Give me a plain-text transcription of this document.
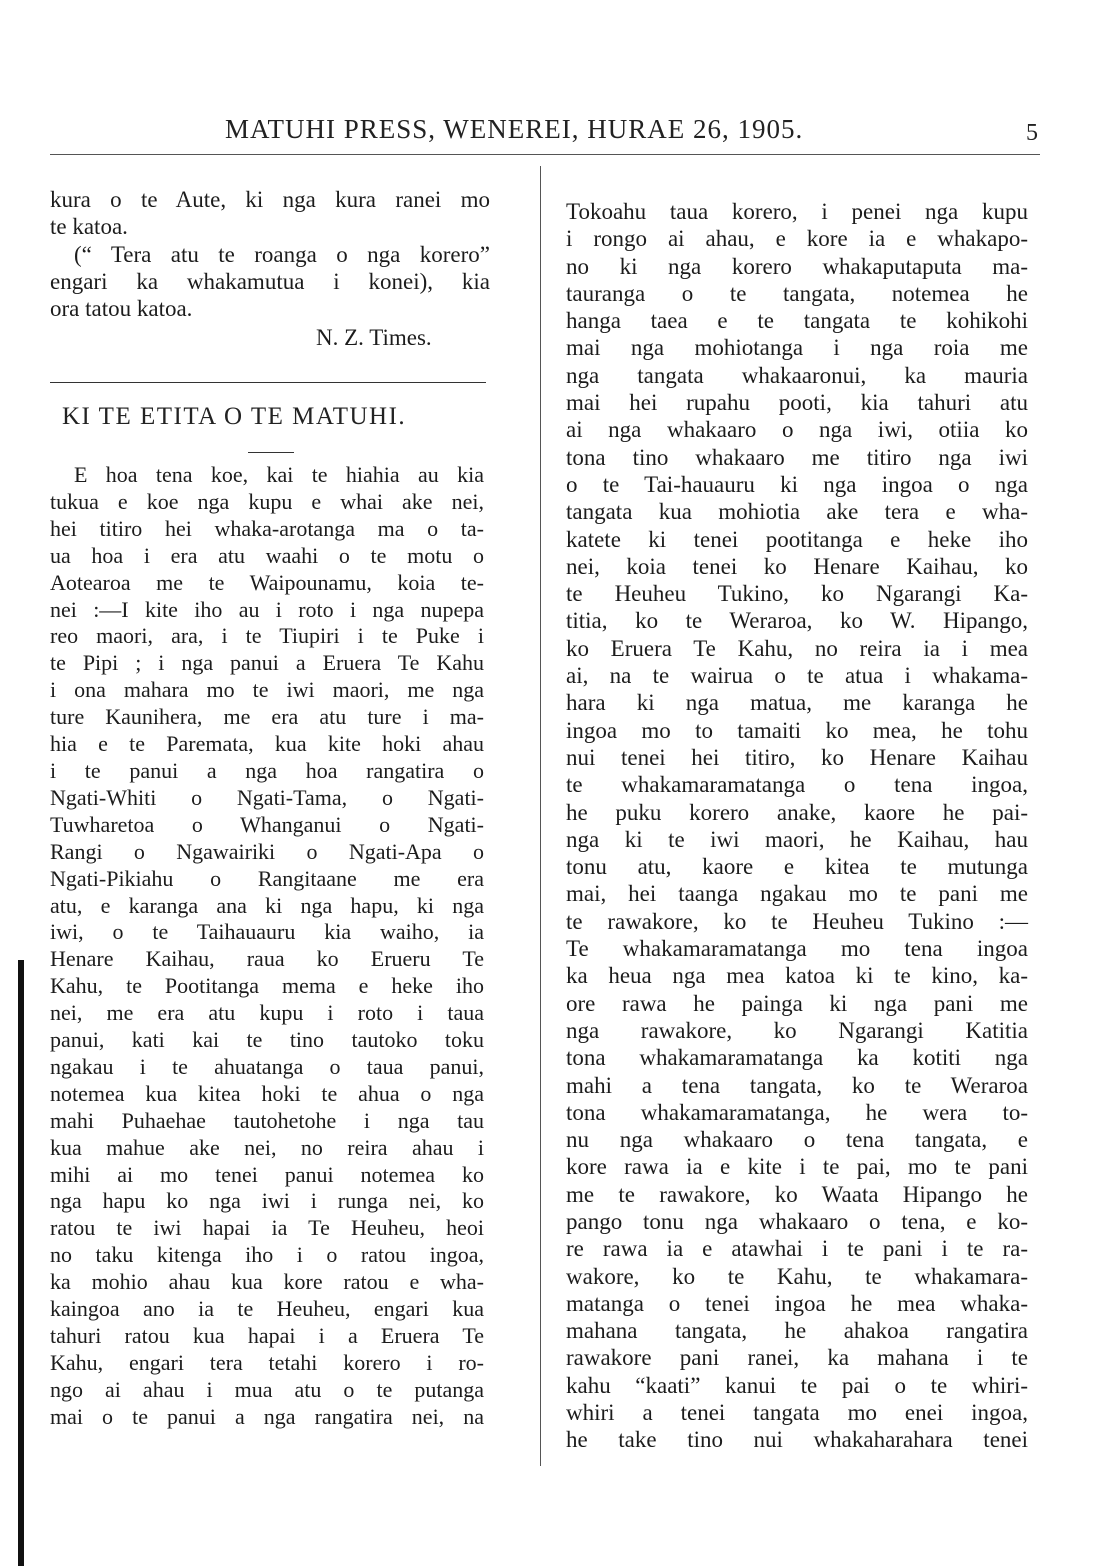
MATUHI PRESS, WENEREI, HURAE 26, 1905.	5
kura o te Aute, ki nga kura ranei mo
te katoa.
(“ Tera atu te roanga o nga korero”
engari ka whakamutua i konei), kia
ora tatou katoa.
N. Z. Times.
KI TE ETITA O TE MATUHI.
E hoa tena koe, kai te hiahia au kia
tukua e koe nga kupu e whai ake nei,
hei titiro hei whaka-arotanga ma o ta-
ua hoa i era atu waahi o te motu o
Aotearoa me te Waipounamu, koia te-
nei :—I kite iho au i roto i nga nupepa
reo maori, ara, i te Tiupiri i te Puke i
te Pipi ; i nga panui a Eruera Te Kahu
i ona mahara mo te iwi maori, me nga
ture Kaunihera, me era atu ture i ma-
hia e te Paremata, kua kite hoki ahau
i te panui a nga hoa rangatira o
Ngati-Whiti o Ngati-Tama, o Ngati-
Tuwharetoa o Whanganui o Ngati-
Rangi o Ngawairiki o Ngati-Apa o
Ngati-Pikiahu o Rangitaane me era
atu, e karanga ana ki nga hapu, ki nga
iwi, o te Taihauauru kia waiho, ia
Henare Kaihau, raua ko Erueru Te
Kahu, te Pootitanga mema e heke iho
nei, me era atu kupu i roto i taua
panui, kati kai te tino tautoko toku
ngakau i te ahuatanga o taua panui,
notemea kua kitea hoki te ahua o nga
mahi Puhaehae tautohetohe i nga tau
kua mahue ake nei, no reira ahau i
mihi ai mo tenei panui notemea ko
nga hapu ko nga iwi i runga nei, ko
ratou te iwi hapai ia Te Heuheu, heoi
no taku kitenga iho i o ratou ingoa,
ka mohio ahau kua kore ratou e wha-
kaingoa ano ia te Heuheu, engari kua
tahuri ratou kua hapai i a Eruera Te
Kahu, engari tera tetahi korero i ro-
ngo ai ahau i mua atu o te putanga
mai o te panui a nga rangatira nei, na
Tokoahu taua korero, i penei nga kupu
i rongo ai ahau, e kore ia e whakapo-
no ki nga korero whakaputaputa ma-
tauranga o te tangata, notemea he
hanga taea e te tangata te kohikohi
mai nga mohiotanga i nga roia me
nga tangata whakaaronui, ka mauria
mai hei rupahu pooti, kia tahuri atu
ai nga whakaaro o nga iwi, otiia ko
tona tino whakaaro me titiro nga iwi
o te Tai-hauauru ki nga ingoa o nga
tangata kua mohiotia ake tera e wha-
katete ki tenei pootitanga e heke iho
nei, koia tenei ko Henare Kaihau, ko
te Heuheu Tukino, ko Ngarangi Ka-
titia, ko te Weraroa, ko W. Hipango,
ko Eruera Te Kahu, no reira ia i mea
ai, na te wairua o te atua i whakama-
hara ki nga matua, me karanga he
ingoa mo to tamaiti ko mea, he tohu
nui tenei hei titiro, ko Henare Kaihau
te whakamaramatanga o tena ingoa,
he puku korero anake, kaore he pai-
nga ki te iwi maori, he Kaihau, hau
tonu atu, kaore e kitea te mutunga
mai, hei taanga ngakau mo te pani me
te rawakore, ko te Heuheu Tukino :—
Te whakamaramatanga mo tena ingoa
ka heua nga mea katoa ki te kino, ka-
ore rawa he painga ki nga pani me
nga rawakore, ko Ngarangi Katitia
tona whakamaramatanga ka kotiti nga
mahi a tena tangata, ko te Weraroa
tona whakamaramatanga, he wera to-
nu nga whakaaro o tena tangata, e
kore rawa ia e kite i te pai, mo te pani
me te rawakore, ko Waata Hipango he
pango tonu nga whakaaro o tena, e ko-
re rawa ia e atawhai i te pani i te ra-
wakore, ko te Kahu, te whakamara-
matanga o tenei ingoa he mea whaka-
mahana tangata, he ahakoa rangatira
rawakore pani ranei, ka mahana i te
kahu “kaati” kanui te pai o te whiri-
whiri a tenei tangata mo enei ingoa,
he take tino nui whakaharahara tenei
